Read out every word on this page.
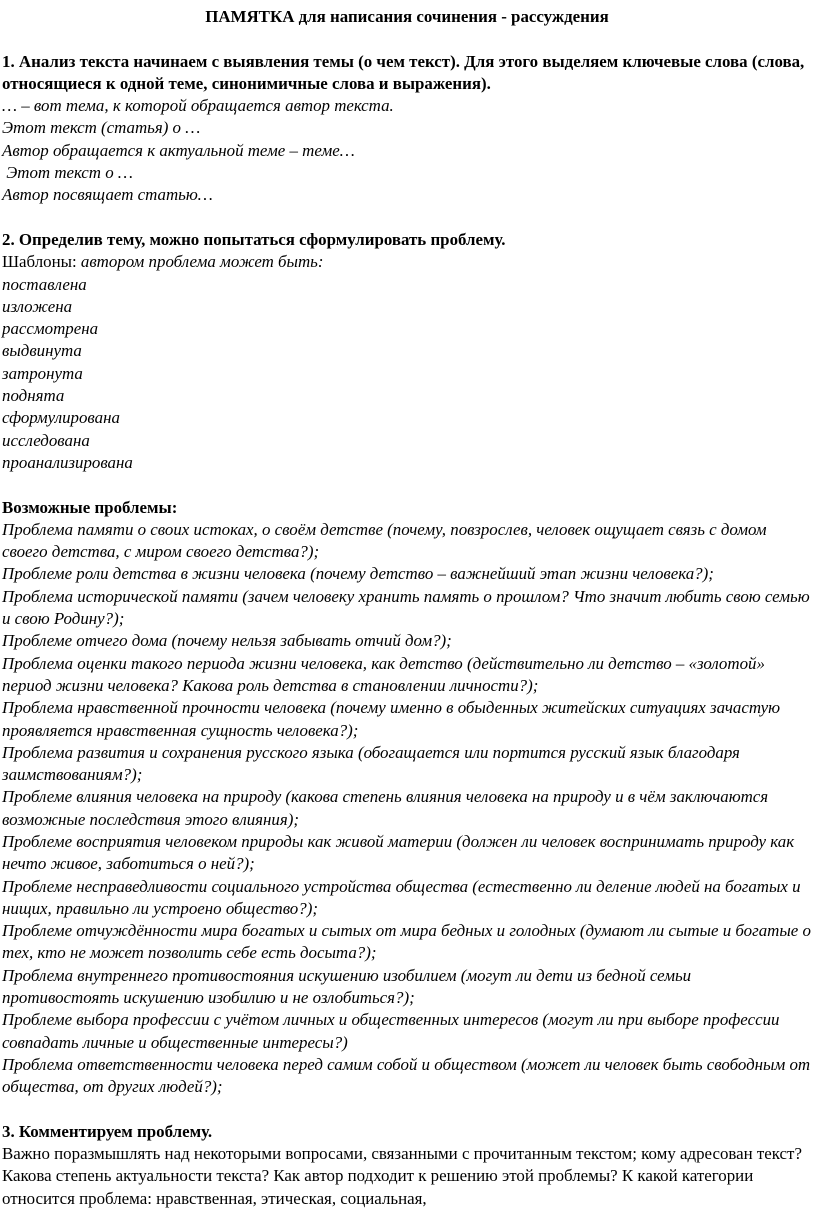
ПАМЯТКА для написания сочинения - рассуждения

1. Анализ текста начинаем с выявления темы (о чем текст). Для этого выделяем ключевые слова (слова, относящиеся к одной теме, синонимичные слова и выражения).

… – вот тема, к которой обращается автор текста.

Этот текст (статья) о …

Автор обращается к актуальной теме – теме…

Этот текст о …

Автор посвящает статью…

2. Определив тему, можно попытаться сформулировать проблему.

Шаблоны: автором проблема может быть:

поставлена

изложена

рассмотрена

выдвинута

затронута

поднята

сформулирована

исследована

проанализирована

Возможные проблемы:

Проблема памяти о своих истоках, о своём детстве (почему, повзрослев, человек ощущает связь с домом своего детства, с миром своего детства?);

Проблеме роли детства в жизни человека (почему детство – важнейший этап жизни человека?);

Проблема исторической памяти (зачем человеку хранить память о прошлом? Что значит любить свою семью и свою Родину?);

Проблеме отчего дома (почему нельзя забывать отчий дом?);

Проблема оценки такого периода жизни человека, как детство (действительно ли детство – «золотой» период жизни человека? Какова роль детства в становлении личности?);

Проблема нравственной прочности человека (почему именно в обыденных житейских ситуациях зачастую проявляется нравственная сущность человека?);

Проблема развития и сохранения русского языка (обогащается или портится русский язык благодаря заимствованиям?);

Проблеме влияния человека на природу (какова степень влияния человека на природу и в чём заключаются возможные последствия этого влияния);

Проблеме восприятия человеком природы как живой материи (должен ли человек воспринимать природу как нечто живое, заботиться о ней?);

Проблеме несправедливости социального устройства общества (естественно ли деление людей на богатых и нищих, правильно ли устроено общество?);

Проблеме отчуждённости мира богатых и сытых от мира бедных и голодных (думают ли сытые и богатые о тех, кто не может позволить себе есть досыта?);

Проблема внутреннего противостояния искушению изобилием (могут ли дети из бедной семьи противостоять искушению изобилию и не озлобиться?);

Проблеме выбора профессии с учётом личных и общественных интересов (могут ли при выборе профессии совпадать личные и общественные интересы?)

Проблема ответственности человека перед самим собой и обществом (может ли человек быть свободным от общества, от других людей?);

3. Комментируем проблему.

Важно поразмышлять над некоторыми вопросами, связанными с прочитанным текстом; кому адресован текст? Какова степень актуальности текста? Как автор подходит к решению этой проблемы? К какой категории относится проблема: нравственная, этическая, социальная,
